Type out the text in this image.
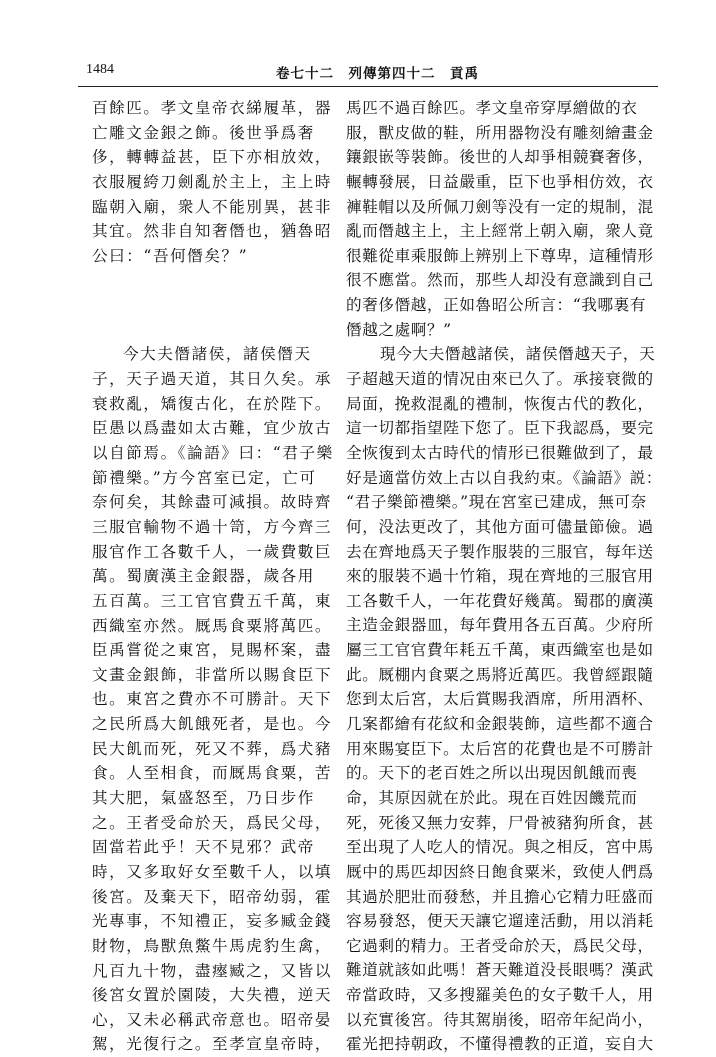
1484	卷七十二　列傳第四十二　貢禹
百餘匹。孝文皇帝衣綈履革，器
亡雕文金銀之飾。後世爭爲奢
侈，轉轉益甚，臣下亦相放效，
衣服履絝刀劍亂於主上，主上時
臨朝入廟，衆人不能別異，甚非
其宜。然非自知奢僭也，猶魯昭
公曰：“吾何僭矣？”
今大夫僭諸侯，諸侯僭天
子，天子過天道，其日久矣。承
衰救亂，矯復古化，在於陛下。
臣愚以爲盡如太古難，宜少放古
以自節焉。《論語》曰：“君子樂
節禮樂。”方今宮室已定，亡可
奈何矣，其餘盡可減損。故時齊
三服官輸物不過十笥，方今齊三
服官作工各數千人，一歲費數巨
萬。蜀廣漢主金銀器，歲各用
五百萬。三工官官費五千萬，東
西織室亦然。厩馬食粟將萬匹。
臣禹嘗從之東宮，見賜杯案，盡
文畫金銀飾，非當所以賜食臣下
也。東宮之費亦不可勝計。天下
之民所爲大飢餓死者，是也。今
民大飢而死，死又不葬，爲犬豬
食。人至相食，而厩馬食粟，苦
其大肥，氣盛怒至，乃日步作
之。王者受命於天，爲民父母，
固當若此乎！天不見邪？武帝
時，又多取好女至數千人，以填
後宮。及棄天下，昭帝幼弱，霍
光專事，不知禮正，妄多臧金錢
財物，鳥獸魚鱉牛馬虎豹生禽，
凡百九十物，盡瘞臧之，又皆以
後宮女置於園陵，大失禮，逆天
心，又未必稱武帝意也。昭帝晏
駕，光復行之。至孝宣皇帝時，
馬匹不過百餘匹。孝文皇帝穿厚繒做的衣
服，獸皮做的鞋，所用器物没有雕刻繪畫金
鑲銀嵌等裝飾。後世的人却爭相競賽奢侈，
輾轉發展，日益嚴重，臣下也爭相仿效，衣
褲鞋帽以及所佩刀劍等没有一定的規制，混
亂而僭越主上，主上經常上朝入廟，衆人竟
很難從車乘服飾上辨别上下尊卑，這種情形
很不應當。然而，那些人却没有意識到自己
的奢侈僭越，正如魯昭公所言：“我哪裏有
僭越之處啊？”
現今大夫僭越諸侯，諸侯僭越天子，天
子超越天道的情况由來已久了。承接衰微的
局面，挽救混亂的禮制，恢復古代的教化，
這一切都指望陛下您了。臣下我認爲，要完
全恢復到太古時代的情形已很難做到了，最
好是適當仿效上古以自我約束。《論語》説：
“君子樂節禮樂。”現在宮室已建成，無可奈
何，没法更改了，其他方面可儘量節儉。過
去在齊地爲天子製作服裝的三服官，每年送
來的服裝不過十竹箱，現在齊地的三服官用
工各數千人，一年花費好幾萬。蜀郡的廣漢
主造金銀器皿，每年費用各五百萬。少府所
屬三工官官費年耗五千萬，東西織室也是如
此。厩棚内食粟之馬將近萬匹。我曾經跟隨
您到太后宮，太后賞賜我酒席，所用酒杯、
几案都繪有花紋和金銀裝飾，這些都不適合
用來賜宴臣下。太后宮的花費也是不可勝計
的。天下的老百姓之所以出現因飢餓而喪
命，其原因就在於此。現在百姓因饑荒而
死，死後又無力安葬，尸骨被豬狗所食，甚
至出現了人吃人的情况。與之相反，宮中馬
厩中的馬匹却因終日飽食粟米，致使人們爲
其過於肥壯而發愁，并且擔心它精力旺盛而
容易發怒，便天天讓它遛達活動，用以消耗
它過剩的精力。王者受命於天，爲民父母，
難道就該如此嗎！蒼天難道没長眼嗎？漢武
帝當政時，又多搜羅美色的女子數千人，用
以充實後宮。待其駕崩後，昭帝年紀尚小，
霍光把持朝政，不懂得禮教的正道，妄自大
